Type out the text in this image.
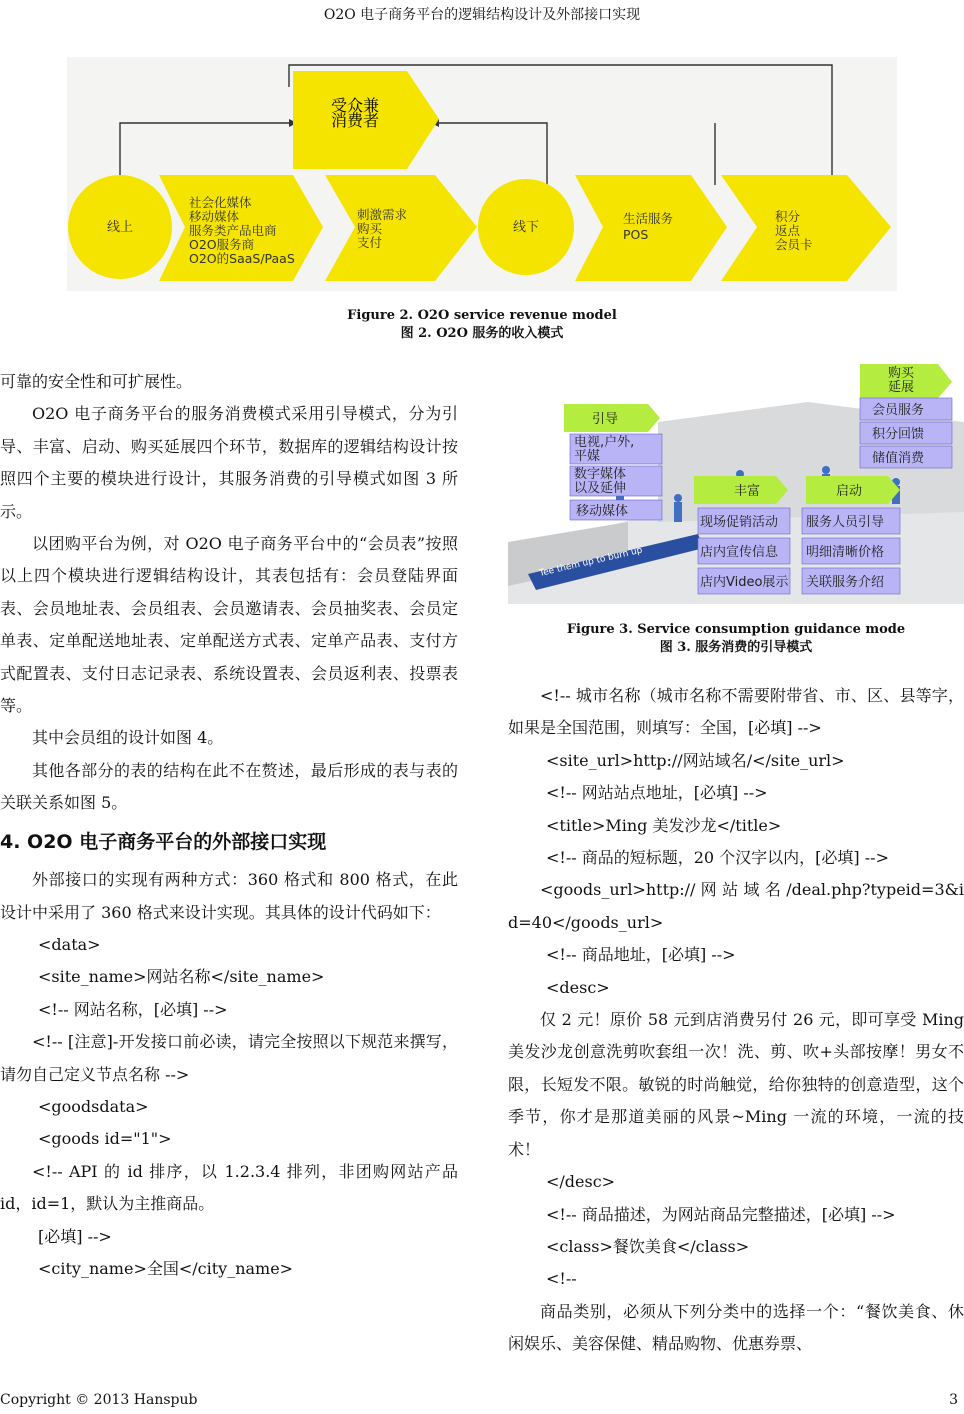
O2O 电子商务平台的逻辑结构设计及外部接口实现
线上	线下
社会化媒体移动媒体服务类产品电商 O2O服务商 O2O的SaaS/PaaS
刺激需求购买支付
生活服务 POS
积分返点会员卡
受众兼消费者
Figure 2. O2O service revenue model
图 2. O2O 服务的收入模式
Tee them up to burn up
引导
电视,户外,平媒
数字媒体以及延伸
移动媒体
丰富	启动
购买延展
会员服务
积分回馈
储值消费
现场促销活动
店内宣传信息
店内Video展示
服务人员引导
明细清晰价格
关联服务介绍
Figure 3. Service consumption guidance mode
图 3. 服务消费的引导模式

可靠的安全性和可扩展性。

O2O 电子商务平台的服务消费模式采用引导模式，分为引导、丰富、启动、购买延展四个环节，数据库的逻辑结构设计按照四个主要的模块进行设计，其服务消费的引导模式如图 3 所示。

以团购平台为例，对 O2O 电子商务平台中的“会员表”按照以上四个模块进行逻辑结构设计，其表包括有：会员登陆界面表、会员地址表、会员组表、会员邀请表、会员抽奖表、会员定单表、定单配送地址表、定单配送方式表、定单产品表、支付方式配置表、支付日志记录表、系统设置表、会员返利表、投票表等。

其中会员组的设计如图 4。

其他各部分的表的结构在此不在赘述，最后形成的表与表的关联关系如图 5。

4. O2O 电子商务平台的外部接口实现

外部接口的实现有两种方式：360 格式和 800 格式，在此设计中采用了 360 格式来设计实现。其具体的设计代码如下：

<data>

<site_name>网站名称</site_name>

<!-- 网站名称，[必填] -->

<!-- [注意]-开发接口前必读，请完全按照以下规范来撰写，请勿自己定义节点名称 -->

<goodsdata>

<goods id="1">

<!-- API 的 id 排序，以 1.2.3.4 排列，非团购网站产品 id，id=1，默认为主推商品。

[必填] -->

<city_name>全国</city_name>

<!-- 城市名称（城市名称不需要附带省、市、区、县等字，如果是全国范围，则填写：全国，[必填] -->

<site_url>http://网站域名/</site_url>

<!-- 网站站点地址，[必填] -->

<title>Ming 美发沙龙</title>

<!-- 商品的短标题，20 个汉字以内，[必填] -->

<goods_url>http:// 网 站 域 名 /deal.php?typeid=3&id=40</goods_url>

<!-- 商品地址，[必填] -->

<desc>

仅 2 元！原价 58 元到店消费另付 26 元，即可享受 Ming 美发沙龙创意洗剪吹套组一次！洗、剪、吹+头部按摩！男女不限，长短发不限。敏锐的时尚触觉，给你独特的创意造型，这个季节，你才是那道美丽的风景~Ming 一流的环境，一流的技术！

</desc>

<!-- 商品描述，为网站商品完整描述，[必填] -->

<class>餐饮美食</class>

<!--

商品类别，必须从下列分类中的选择一个：“餐饮美食、休闲娱乐、美容保健、精品购物、优惠券票、

Copyright © 2013 Hanspub	3
